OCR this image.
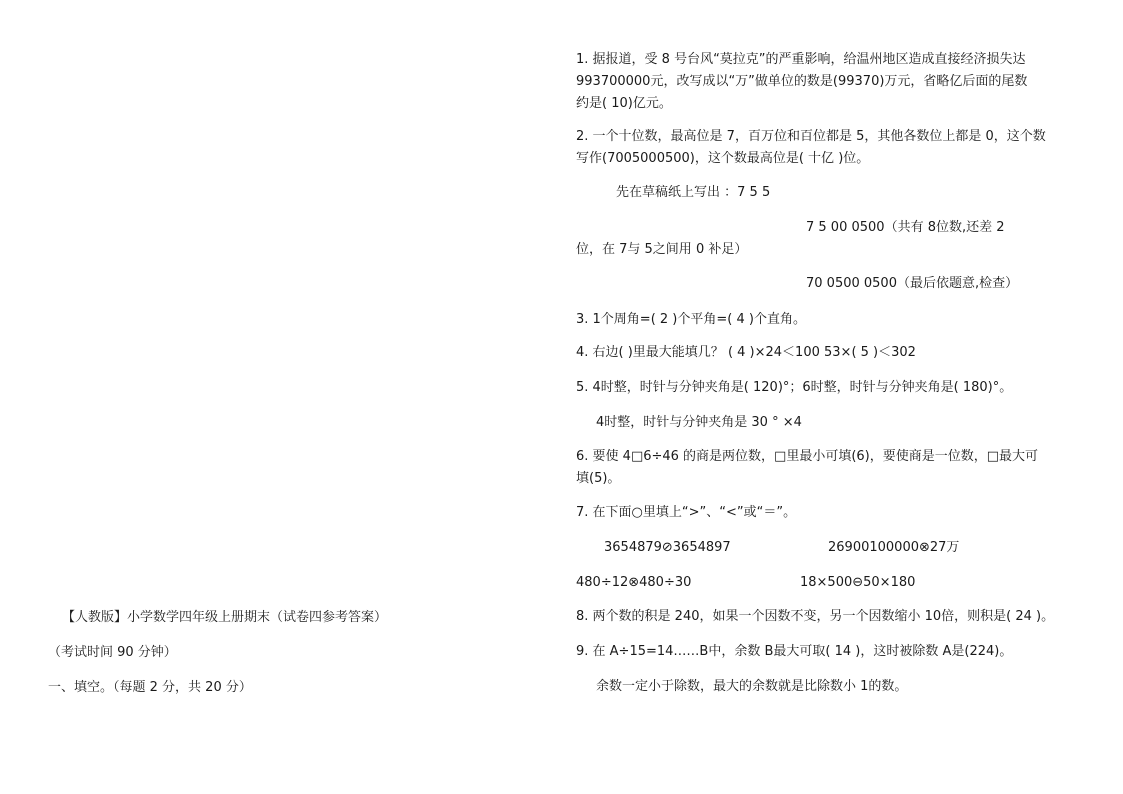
【人教版】小学数学四年级上册期末（试卷四参考答案）
（考试时间 90 分钟）
一、填空。（每题 2 分，共 20 分）
1. 据报道，受 8 号台风“莫拉克”的严重影响，给温州地区造成直接经济损失达
993700000元，改写成以“万”做单位的数是(99370)万元，省略亿后面的尾数
约是( 10)亿元。
2. 一个十位数，最高位是 7，百万位和百位都是 5，其他各数位上都是 0，这个数
写作(7005000500)，这个数最高位是( 十亿 )位。
先在草稿纸上写出 ：7 5 5
7 5 00 0500（共有 8位数,还差 2
位，在 7与 5之间用 0 补足）
70 0500 0500（最后依题意,检查）
3. 1个周角=( 2 )个平角=( 4 )个直角。
4. 右边( )里最大能填几？ ( 4 )×24＜100 53×( 5 )＜302
5. 4时整，时针与分钟夹角是( 120)°；6时整，时针与分钟夹角是( 180)°。
4时整，时针与分钟夹角是 30 ° ×4
6. 要使 4□6÷46 的商是两位数，□里最小可填(6)，要使商是一位数，□最大可
填(5)。
7. 在下面○里填上“>”、“<”或“＝”。
3654879⊘3654897	26900100000⊗27万
480÷12⊗480÷30	18×500⊖50×180
8. 两个数的积是 240，如果一个因数不变，另一个因数缩小 10倍，则积是( 24 )。
9. 在 A÷15=14……B中，余数 B最大可取( 14 )，这时被除数 A是(224)。
余数一定小于除数，最大的余数就是比除数小 1的数。
